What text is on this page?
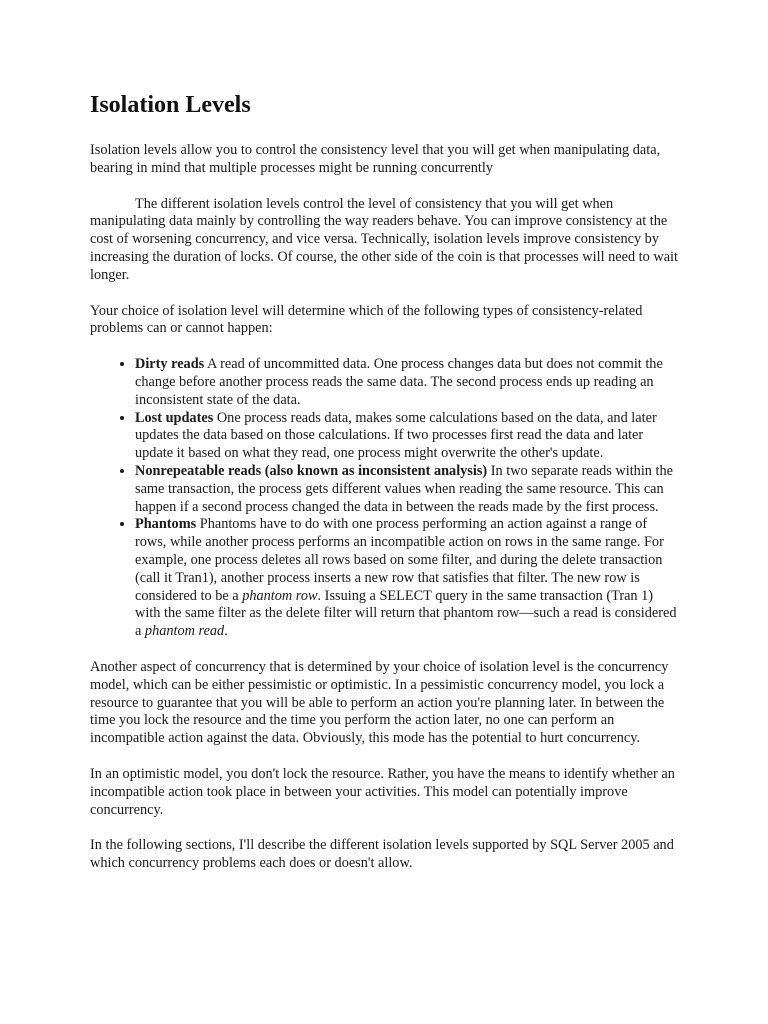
Isolation Levels

Isolation levels allow you to control the consistency level that you will get when manipulating data, bearing in mind that multiple processes might be running concurrently

The different isolation levels control the level of consistency that you will get when manipulating data mainly by controlling the way readers behave. You can improve consistency at the cost of worsening concurrency, and vice versa. Technically, isolation levels improve consistency by increasing the duration of locks. Of course, the other side of the coin is that processes will need to wait longer.

Your choice of isolation level will determine which of the following types of consistency-related problems can or cannot happen:

• Dirty reads A read of uncommitted data. One process changes data but does not commit the change before another process reads the same data. The second process ends up reading an inconsistent state of the data.
• Lost updates One process reads data, makes some calculations based on the data, and later updates the data based on those calculations. If two processes first read the data and later update it based on what they read, one process might overwrite the other's update.
• Nonrepeatable reads (also known as inconsistent analysis) In two separate reads within the same transaction, the process gets different values when reading the same resource. This can happen if a second process changed the data in between the reads made by the first process.
• Phantoms Phantoms have to do with one process performing an action against a range of rows, while another process performs an incompatible action on rows in the same range. For example, one process deletes all rows based on some filter, and during the delete transaction (call it Tran1), another process inserts a new row that satisfies that filter. The new row is considered to be a phantom row. Issuing a SELECT query in the same transaction (Tran 1) with the same filter as the delete filter will return that phantom row—such a read is considered a phantom read.

Another aspect of concurrency that is determined by your choice of isolation level is the concurrency model, which can be either pessimistic or optimistic. In a pessimistic concurrency model, you lock a resource to guarantee that you will be able to perform an action you're planning later. In between the time you lock the resource and the time you perform the action later, no one can perform an incompatible action against the data. Obviously, this mode has the potential to hurt concurrency.

In an optimistic model, you don't lock the resource. Rather, you have the means to identify whether an incompatible action took place in between your activities. This model can potentially improve concurrency.

In the following sections, I'll describe the different isolation levels supported by SQL Server 2005 and which concurrency problems each does or doesn't allow.
